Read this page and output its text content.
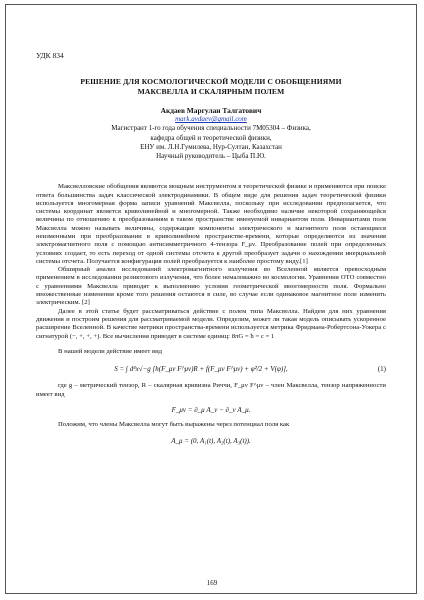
УДК 834
РЕШЕНИЕ ДЛЯ КОСМОЛОГИЧЕСКОЙ МОДЕЛИ С ОБОБЩЕНИЯМИ
МАКСВЕЛЛА И СКАЛЯРНЫМ ПОЛЕМ
Акдаев Маргулан Талгатович
mark.avdaev@gmail.com
Магистрант 1-го года обучения специальности 7М05304 – Физика,
кафедра общей и теоретической физики,
ЕНУ им. Л.Н.Гумилева, Нур-Султан, Казахстан
Научный руководитель – Цыба П.Ю.

Максвелловские обобщения являются мощным инструментом в теоретической физике и применяются при поиске ответа большинства задач классической электродинамики. В общем виде для решения задач теоретической физики используется многомерная форма записи уравнений Максвелла, поскольку при исследовании предполагается, что системы координат является криволинейной и многомерной. Также необходимо наличие некоторой сохраняющейся величины по отношению к преобразованиям в таком пространстве именуемой инвариантом поля. Инвариантами поля Максвелла можно называть величины, содержащие компоненты электрического и магнитного поля остающиеся неизменными при преобразовании в криволинейном пространстве-времени, которые определяются из значения электромагнитного поля с помощью антисимметричного 4-тензора F_μν. Преобразование полей при определенных условиях создает, то есть переход от одной системы отсчета к другой преобразует задачи о нахождении инерциальной системы отсчета. Получается конфигурация полей преобразуется к наиболее простому виду.[1]

Обширный анализ исследований электромагнитного излучения во Вселенной является превосходным применением в исследовании реликтового излучения, что более немаловажно во космологии. Уравнения ОТО совместно с уравнениями Максвелла приводят к выполнению условия геометрической многомерности поля. Формально множественные изменения кроме того решения остаются в силе, во случае если одинаковое магнитное поле изменить электрическим. [2]

Далее в этой статье будет рассматриваться действие с полем типа Максвелла. Найдем для них уравнения движения и построим решения для рассматриваемой модели. Определим, может ли такая модель описывать ускоренное расширение Вселенной. В качестве метрики пространства-времени используется метрика Фридмана-Робертсона-Уокера с сигнатурой (−, +, +, +). Все вычисления приводят в системе единиц: 8πG = ħ = c = 1

В нашей модели действие имеет вид

S = ∫ d⁴x√−g [h(F_μν F^μν)R + f(F_μν F^μν) + φ̇²/2 + V(φ)],	(1)

где g – метрический тензор, R – скалярная кривизна Риччи, F_μν F^μν – член Максвелла, тензор напряженности имеет вид

F_μν = ∂_μ A_ν − ∂_ν A_μ.

Положим, что члены Максвелла могут быть выражены через потенциал поля как

A_μ = (0, A₁(t), A₂(t), A₃(t)).
169
